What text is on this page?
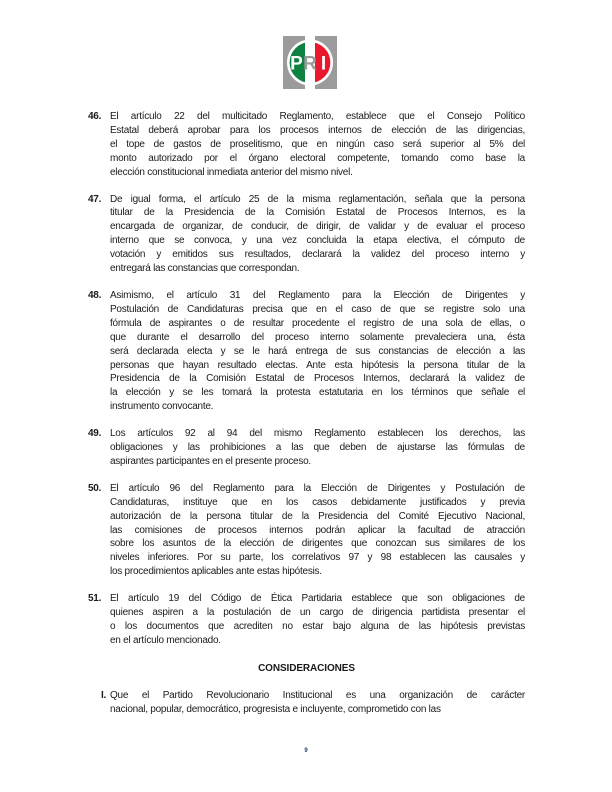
P R I
46. El artículo 22 del multicitado Reglamento, establece que el Consejo Político
Estatal deberá aprobar para los procesos internos de elección de las dirigencias,
el tope de gastos de proselitismo, que en ningún caso será superior al 5% del
monto autorizado por el órgano electoral competente, tomando como base la
elección constitucional inmediata anterior del mismo nivel.
47. De igual forma, el artículo 25 de la misma reglamentación, señala que la persona
titular de la Presidencia de la Comisión Estatal de Procesos Internos, es la
encargada de organizar, de conducir, de dirigir, de validar y de evaluar el proceso
interno que se convoca, y una vez concluida la etapa electiva, el cómputo de
votación y emitidos sus resultados, declarará la validez del proceso interno y
entregará las constancias que correspondan.
48. Asimismo, el artículo 31 del Reglamento para la Elección de Dirigentes y
Postulación de Candidaturas precisa que en el caso de que se registre solo una
fórmula de aspirantes o de resultar procedente el registro de una sola de ellas, o
que durante el desarrollo del proceso interno solamente prevaleciera una, ésta
será declarada electa y se le hará entrega de sus constancias de elección a las
personas que hayan resultado electas. Ante esta hipótesis la persona titular de la
Presidencia de la Comisión Estatal de Procesos Internos, declarará la validez de
la elección y se les tomará la protesta estatutaria en los términos que señale el
instrumento convocante.
49. Los artículos 92 al 94 del mismo Reglamento establecen los derechos, las
obligaciones y las prohibiciones a las que deben de ajustarse las fórmulas de
aspirantes participantes en el presente proceso.
50. El artículo 96 del Reglamento para la Elección de Dirigentes y Postulación de
Candidaturas, instituye que en los casos debidamente justificados y previa
autorización de la persona titular de la Presidencia del Comité Ejecutivo Nacional,
las comisiones de procesos internos podrán aplicar la facultad de atracción
sobre los asuntos de la elección de dirigentes que conozcan sus similares de los
niveles inferiores. Por su parte, los correlativos 97 y 98 establecen las causales y
los procedimientos aplicables ante estas hipótesis.
51. El artículo 19 del Código de Ética Partidaria establece que son obligaciones de
quienes aspiren a la postulación de un cargo de dirigencia partidista presentar el
o los documentos que acrediten no estar bajo alguna de las hipótesis previstas
en el artículo mencionado.
CONSIDERACIONES
I. Que el Partido Revolucionario Institucional es una organización de carácter
nacional, popular, democrático, progresista e incluyente, comprometido con las
9
